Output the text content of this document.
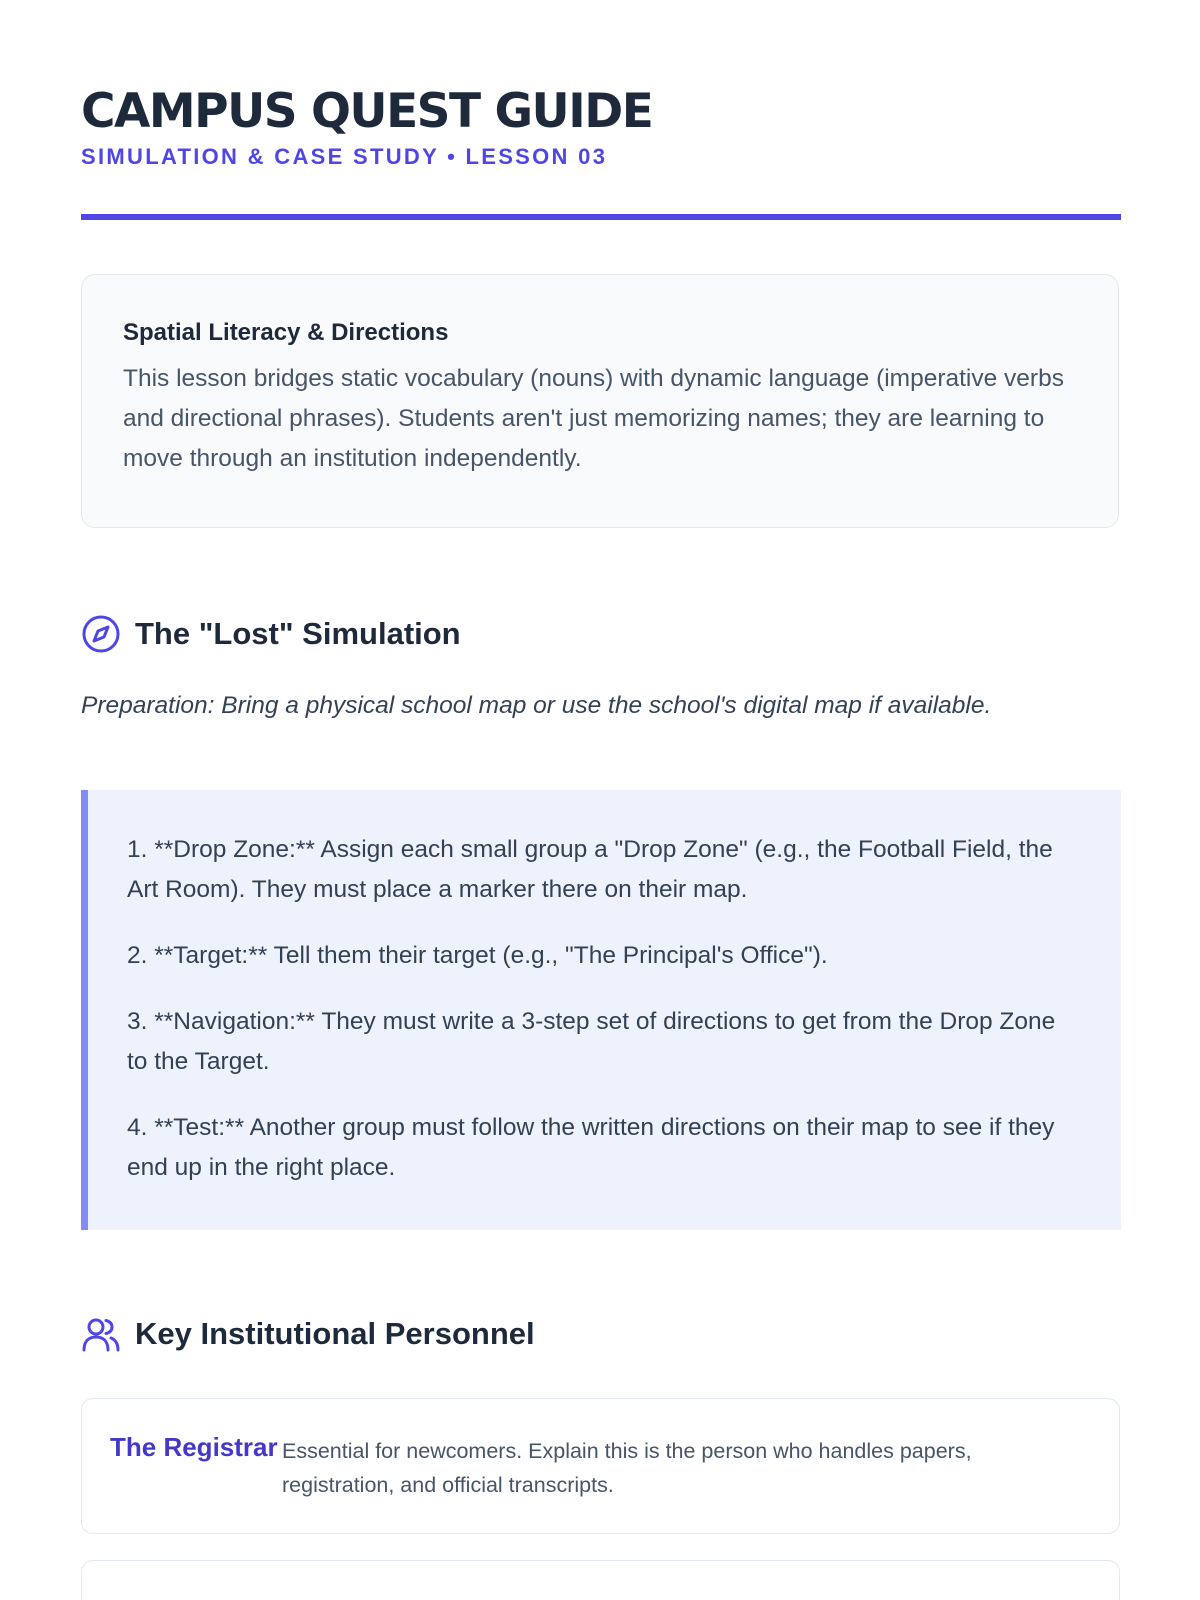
CAMPUS QUEST GUIDE
SIMULATION & CASE STUDY • LESSON 03
Spatial Literacy & Directions

This lesson bridges static vocabulary (nouns) with dynamic language (imperative verbs and directional phrases). Students aren't just memorizing names; they are learning to move through an institution independently.

The "Lost" Simulation

Preparation: Bring a physical school map or use the school's digital map if available.

1. **Drop Zone:** Assign each small group a "Drop Zone" (e.g., the Football Field, the Art Room). They must place a marker there on their map.

2. **Target:** Tell them their target (e.g., "The Principal's Office").

3. **Navigation:** They must write a 3-step set of directions to get from the Drop Zone to the Target.

4. **Test:** Another group must follow the written directions on their map to see if they end up in the right place.

Key Institutional Personnel
The Registrar Essential for newcomers. Explain this is the person who handles papers, registration, and official transcripts.
